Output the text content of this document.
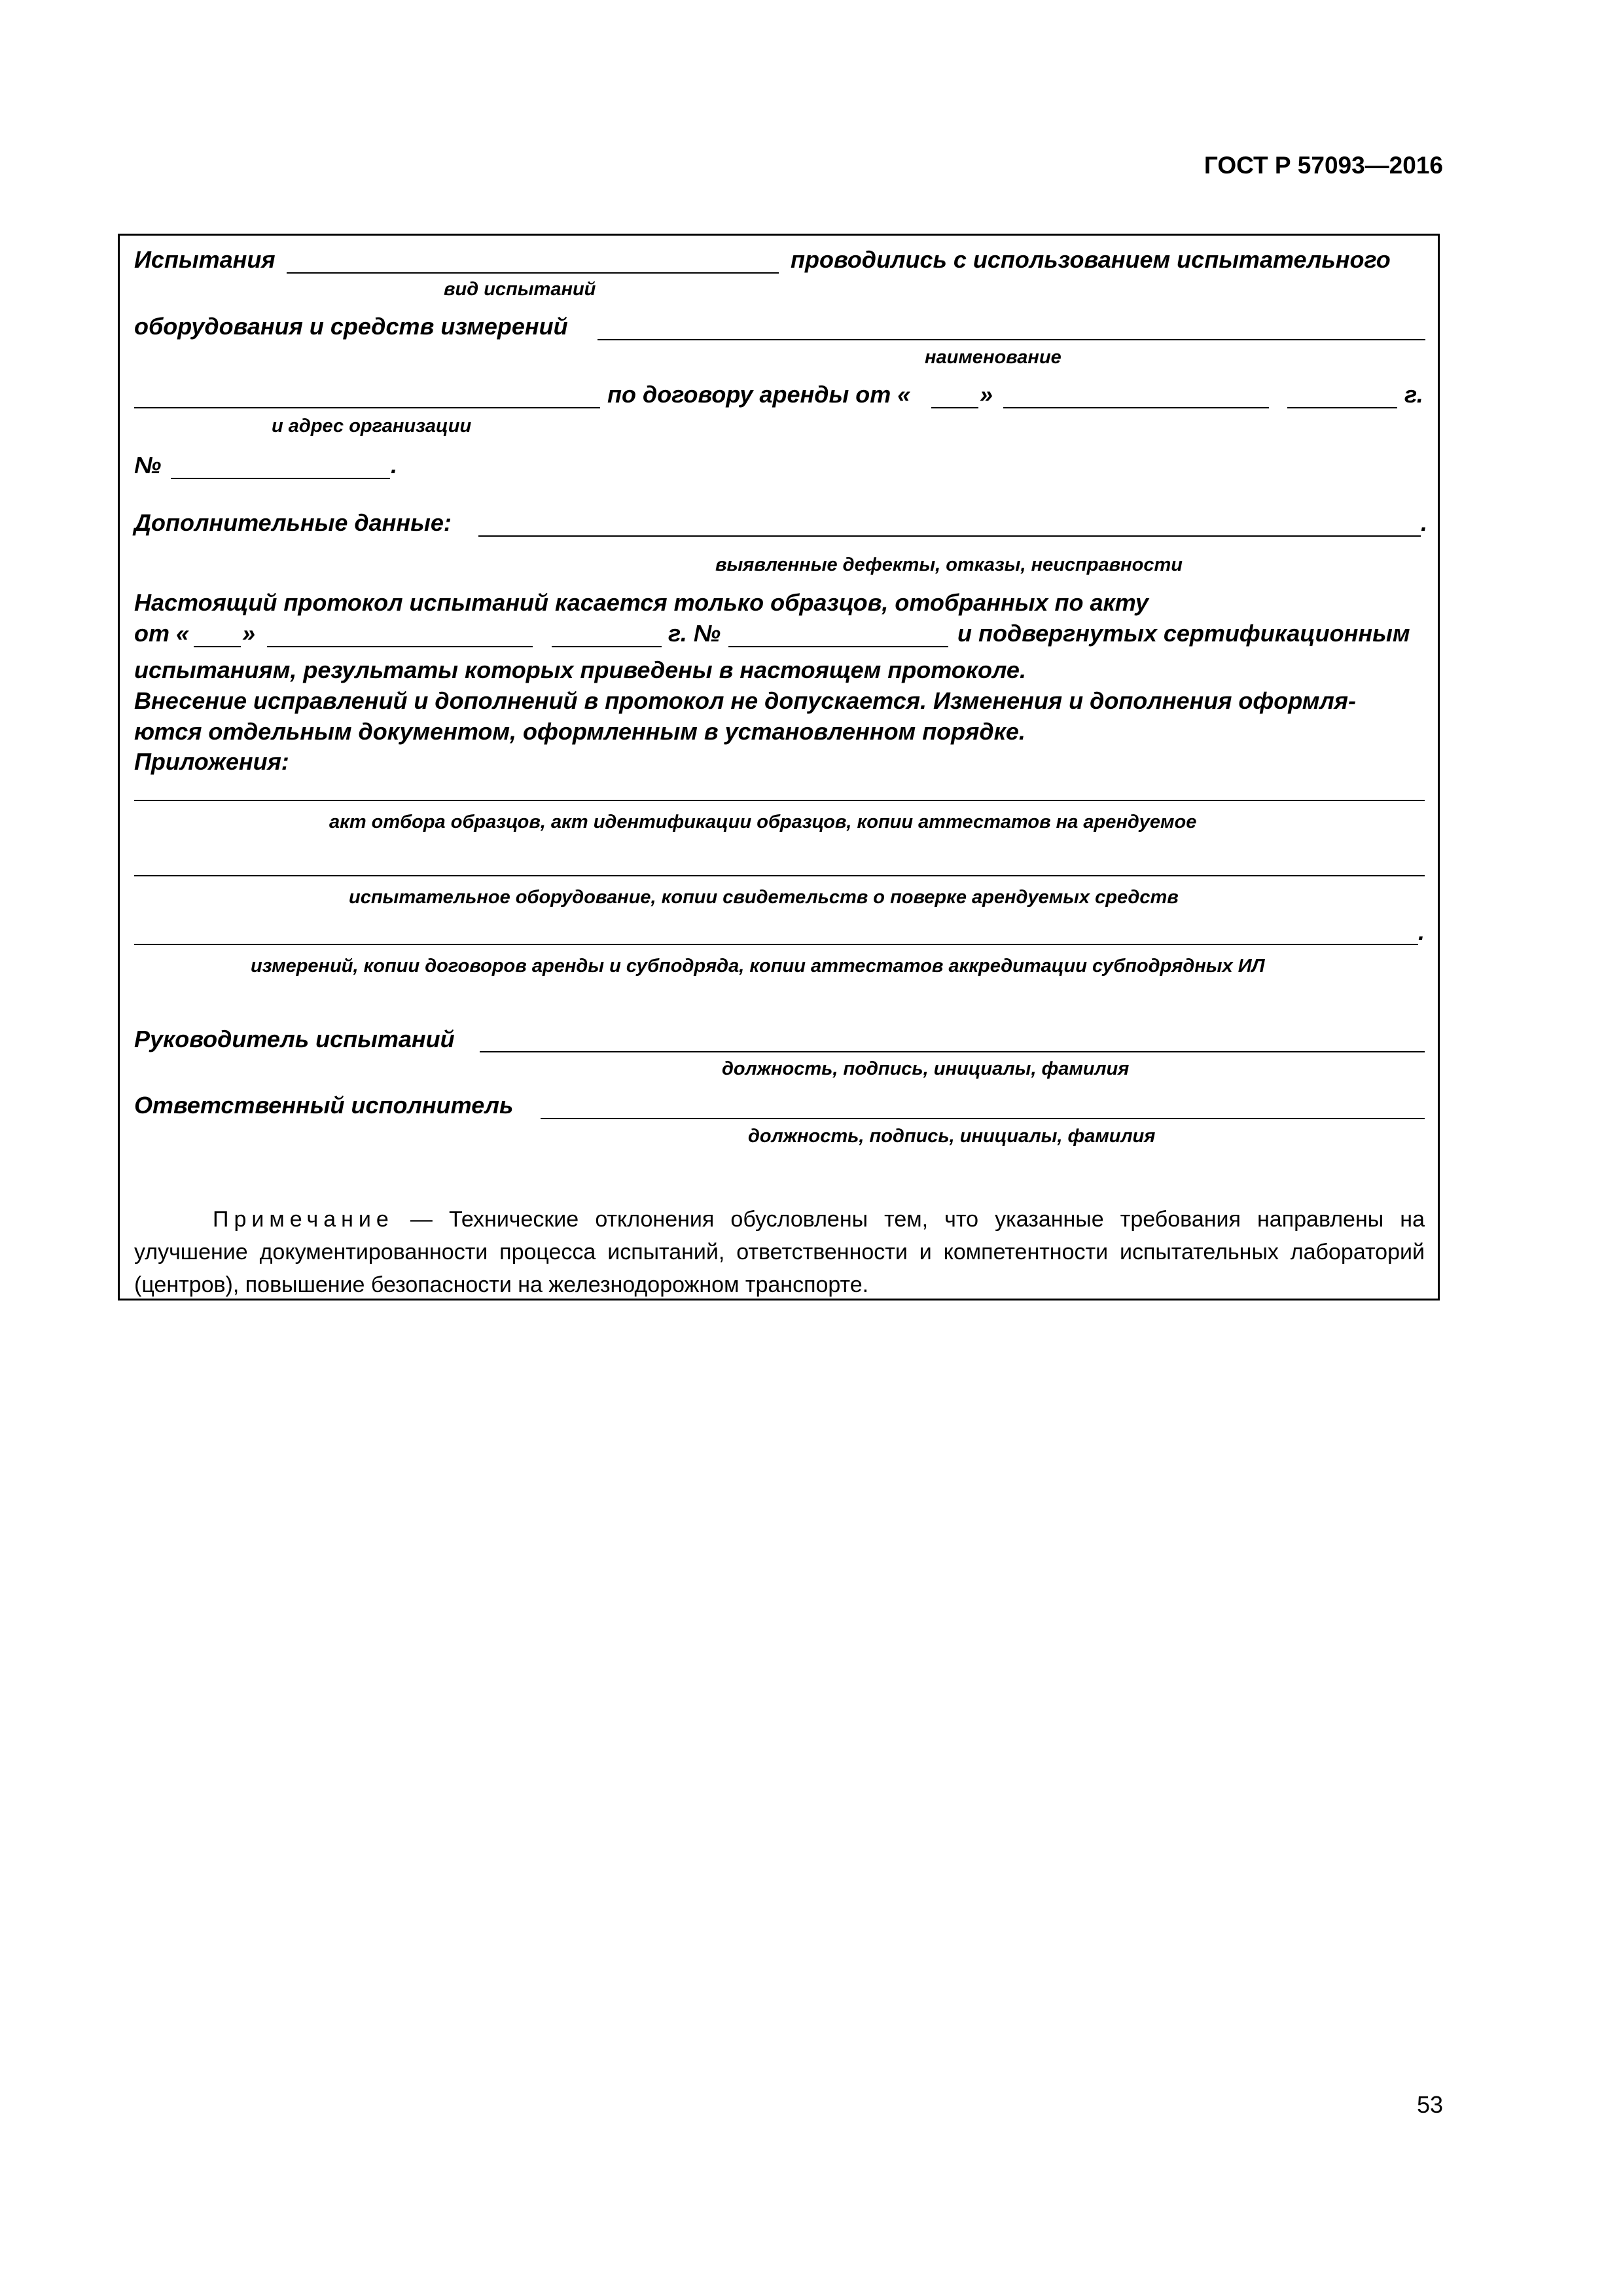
ГОСТ Р 57093—2016
Испытания	проводились с использованием испытательного
вид испытаний
оборудования и средств измерений
наименование
по договору аренды от «	»	г.
и адрес организации
№	.
Дополнительные данные:	.
выявленные дефекты, отказы, неисправности
Настоящий протокол испытаний касается только образцов, отобранных по акту
от « »	г. №	и подвергнутых сертификационным
испытаниям, результаты которых приведены в настоящем протоколе.
Внесение исправлений и дополнений в протокол не допускается. Изменения и дополнения оформля-
ются отдельным документом, оформленным в установленном порядке.
Приложения:
акт отбора образцов, акт идентификации образцов, копии аттестатов на арендуемое
испытательное оборудование, копии свидетельств о поверке арендуемых средств
.
измерений, копии договоров аренды и субподряда, копии аттестатов аккредитации субподрядных ИЛ
Руководитель испытаний
должность, подпись, инициалы, фамилия
Ответственный исполнитель
должность, подпись, инициалы, фамилия
Примечание — Технические отклонения обусловлены тем, что указанные требования направлены на улучшение документированности процесса испытаний, ответственности и компетентности испытательных лабораторий (центров), повышение безопасности на железнодорожном транспорте.
53
